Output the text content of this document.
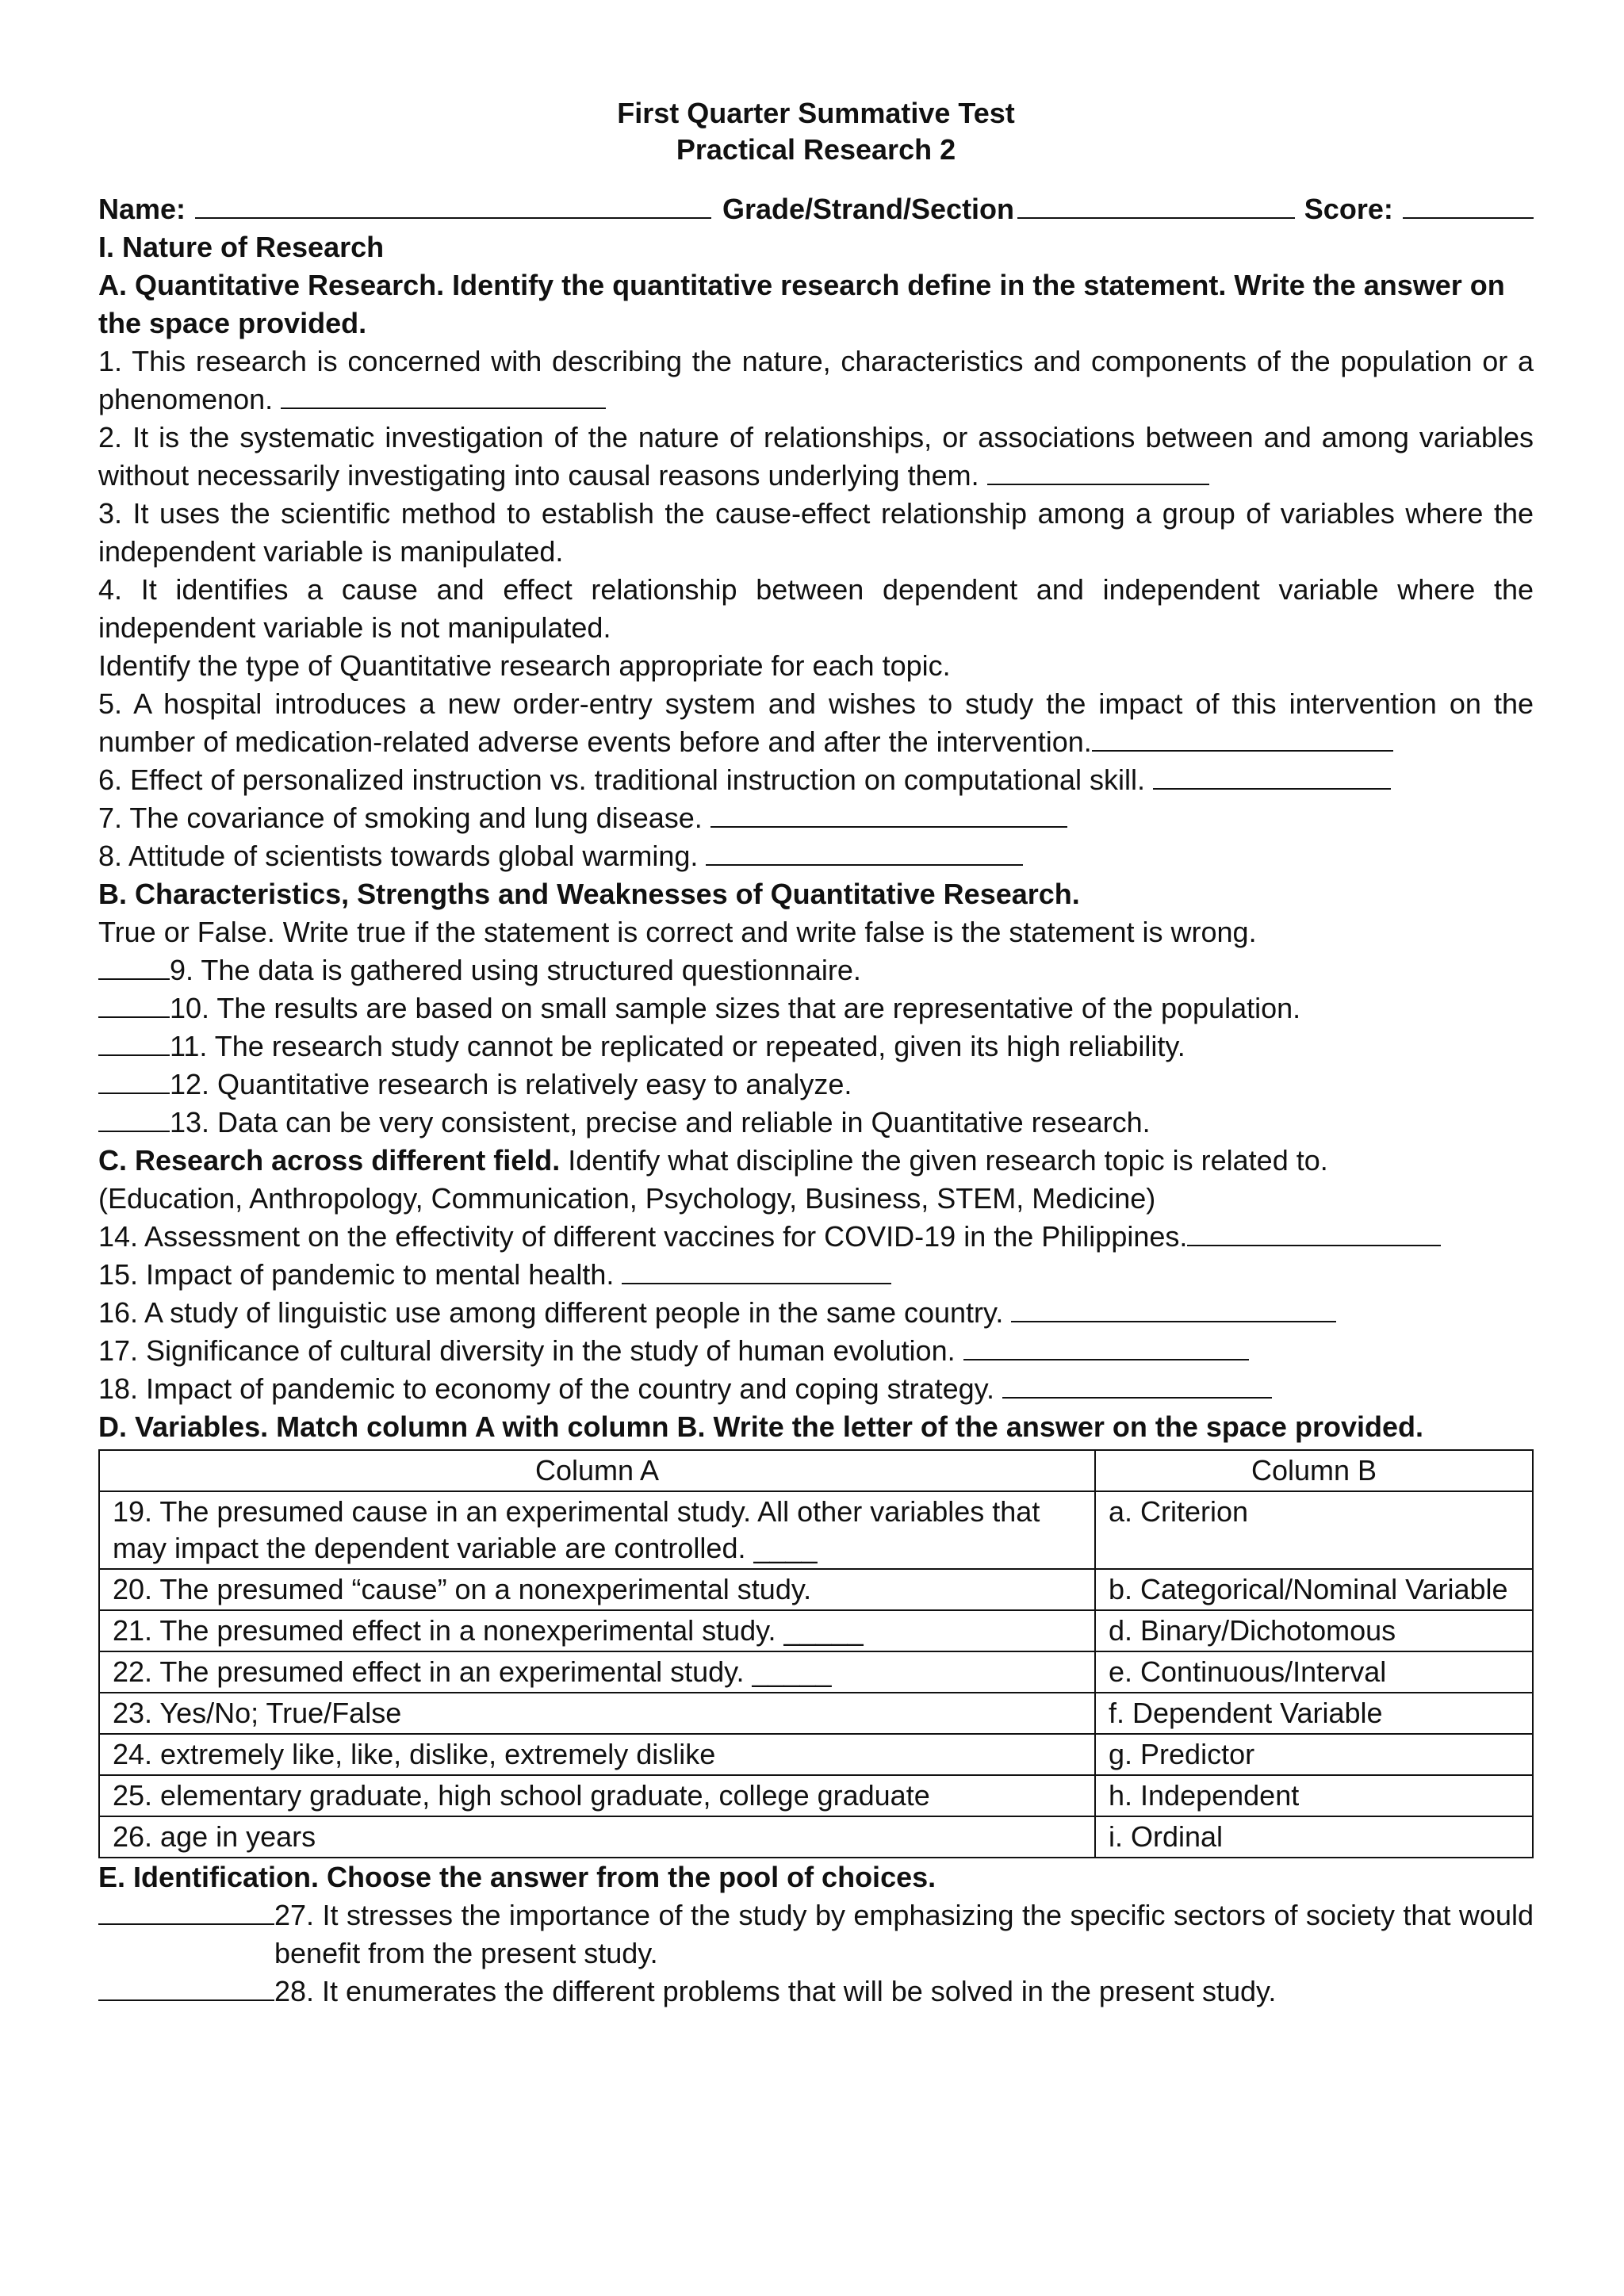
First Quarter Summative Test
Practical Research 2
Name:	Grade/Strand/Section	Score:
I. Nature of Research
A. Quantitative Research. Identify the quantitative research define in the statement. Write the answer on the space provided.
1. This research is concerned with describing the nature, characteristics and components of the population or a phenomenon.
2. It is the systematic investigation of the nature of relationships, or associations between and among variables without necessarily investigating into causal reasons underlying them.
3. It uses the scientific method to establish the cause-effect relationship among a group of variables where the independent variable is manipulated.
4. It identifies a cause and effect relationship between dependent and independent variable where the independent variable is not manipulated.
Identify the type of Quantitative research appropriate for each topic.
5. A hospital introduces a new order-entry system and wishes to study the impact of this intervention on the number of medication-related adverse events before and after the intervention.
6. Effect of personalized instruction vs. traditional instruction on computational skill.
7. The covariance of smoking and lung disease.
8. Attitude of scientists towards global warming.
B. Characteristics, Strengths and Weaknesses of Quantitative Research.
True or False. Write true if the statement is correct and write false is the statement is wrong.
9. The data is gathered using structured questionnaire.
10. The results are based on small sample sizes that are representative of the population.
11. The research study cannot be replicated or repeated, given its high reliability.
12. Quantitative research is relatively easy to analyze.
13. Data can be very consistent, precise and reliable in Quantitative research.
C. Research across different field. Identify what discipline the given research topic is related to.
(Education, Anthropology, Communication, Psychology, Business, STEM, Medicine)
14. Assessment on the effectivity of different vaccines for COVID-19 in the Philippines.
15. Impact of pandemic to mental health.
16. A study of linguistic use among different people in the same country.
17. Significance of cultural diversity in the study of human evolution.
18. Impact of pandemic to economy of the country and coping strategy.
D. Variables. Match column A with column B. Write the letter of the answer on the space provided.
Column A	Column B
19. The presumed cause in an experimental study. All other variables that may impact the dependent variable are controlled. ____	a. Criterion
20. The presumed “cause” on a nonexperimental study.	b. Categorical/Nominal Variable
21. The presumed effect in a nonexperimental study. _____	d. Binary/Dichotomous
22. The presumed effect in an experimental study. _____	e. Continuous/Interval
23. Yes/No; True/False	f. Dependent Variable
24. extremely like, like, dislike, extremely dislike	g. Predictor
25. elementary graduate, high school graduate, college graduate	h. Independent
26. age in years	i. Ordinal
E. Identification. Choose the answer from the pool of choices.
27. It stresses the importance of the study by emphasizing the specific sectors of society that would benefit from the present study.
28. It enumerates the different problems that will be solved in the present study.
